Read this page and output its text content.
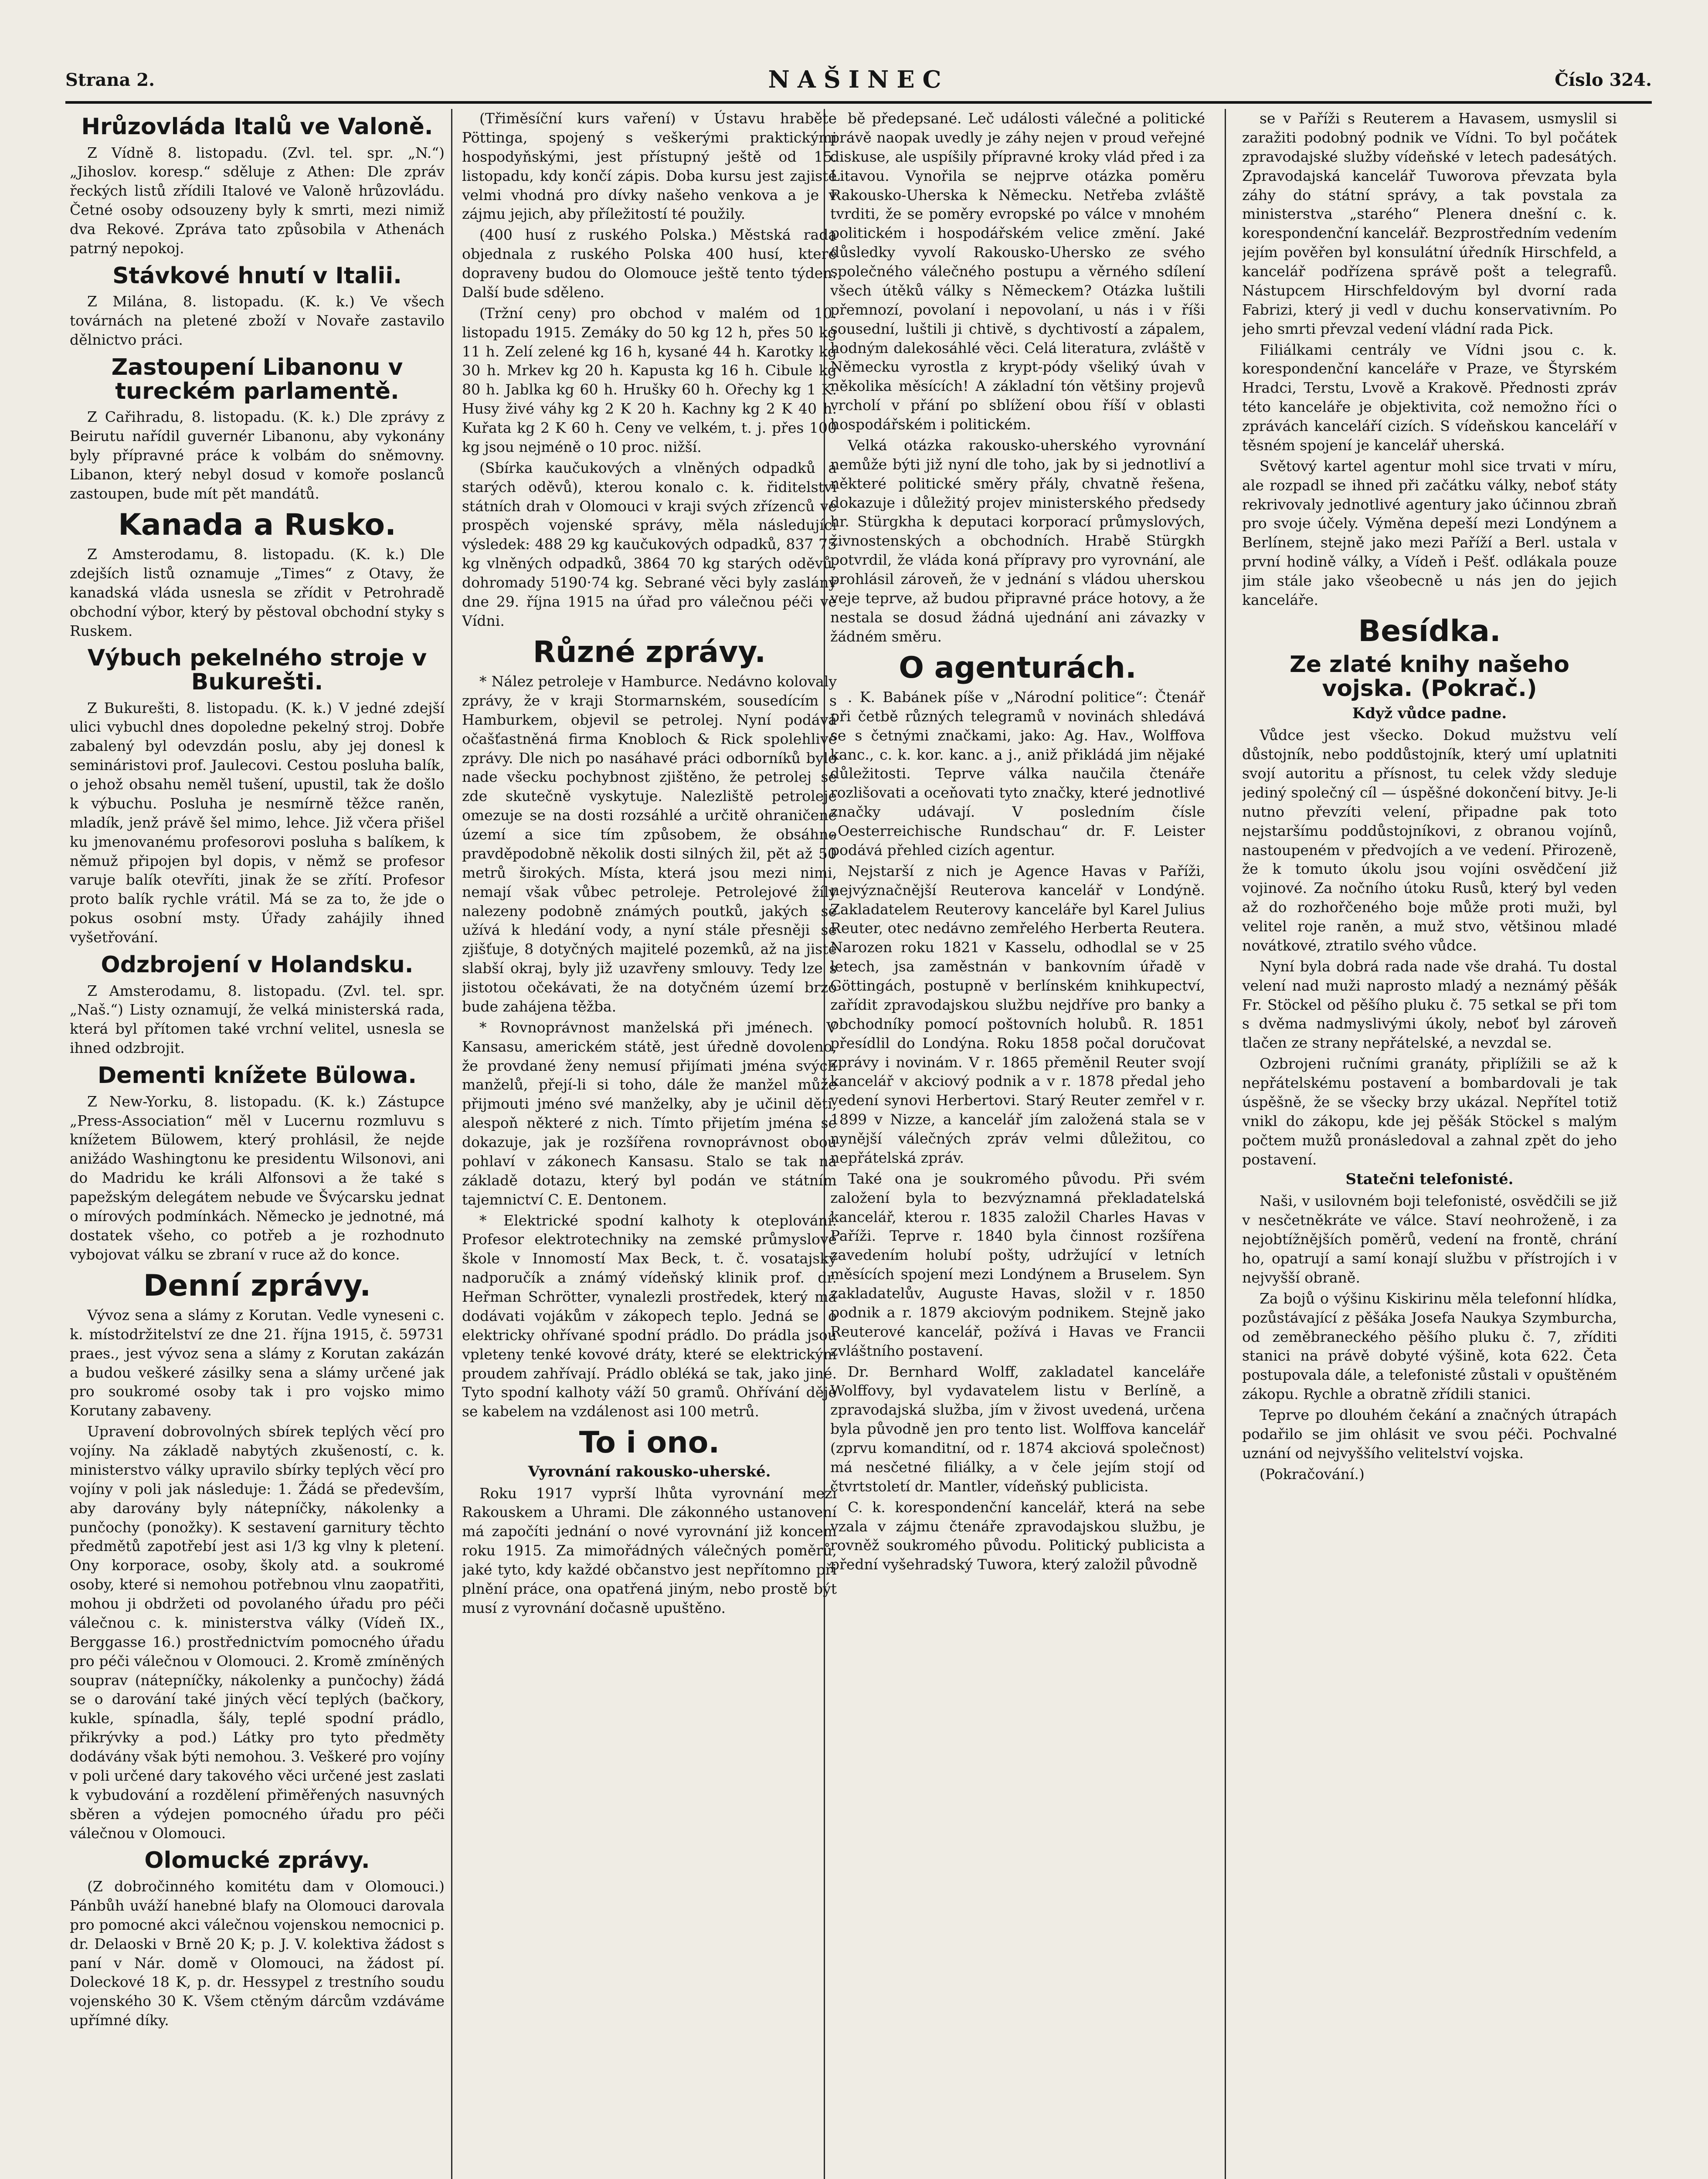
Strana 2.	NAŠINEC	Číslo 324.
Hrůzovláda Italů ve Valoně.

Z Vídně 8. listopadu. (Zvl. tel. spr. „N.“) „Jihoslov. koresp.“ sděluje z Athen: Dle zpráv řeckých listů zřídili Italové ve Valoně hrůzovládu. Četné osoby odsouzeny byly k smrti, mezi nimiž dva Rekové. Zpráva tato způsobila v Athenách patrný nepokoj.

Stávkové hnutí v Italii.

Z Milána, 8. listopadu. (K. k.) Ve všech továrnách na pletené zboží v Novaře zastavilo dělnictvo práci.

Zastoupení Libanonu v tureckém parlamentě.

Z Cařihradu, 8. listopadu. (K. k.) Dle zprávy z Beirutu nařídil guvernér Libanonu, aby vykonány byly přípravné práce k volbám do sněmovny. Libanon, který nebyl dosud v komoře poslanců zastoupen, bude mít pět mandátů.

Kanada a Rusko.

Z Amsterodamu, 8. listopadu. (K. k.) Dle zdejších listů oznamuje „Times“ z Otavy, že kanadská vláda usnesla se zřídit v Petrohradě obchodní výbor, který by pěstoval obchodní styky s Ruskem.

Výbuch pekelného stroje v Bukurešti.

Z Bukurešti, 8. listopadu. (K. k.) V jedné zdejší ulici vybuchl dnes dopoledne pekelný stroj. Dobře zabalený byl odevzdán poslu, aby jej donesl k semináristovi prof. Jaulecovi. Cestou posluha balík, o jehož obsahu neměl tušení, upustil, tak že došlo k výbuchu. Posluha je nesmírně těžce raněn, mladík, jenž právě šel mimo, lehce. Již včera přišel ku jmenovanému profesorovi posluha s balíkem, k němuž připojen byl dopis, v němž se profesor varuje balík otevříti, jinak že se zřítí. Profesor proto balík rychle vrátil. Má se za to, že jde o pokus osobní msty. Úřady zahájily ihned vyšetřování.

Odzbrojení v Holandsku.

Z Amsterodamu, 8. listopadu. (Zvl. tel. spr. „Naš.“) Listy oznamují, že velká ministerská rada, která byl přítomen také vrchní velitel, usnesla se ihned odzbrojit.

Dementi knížete Bülowa.

Z New-Yorku, 8. listopadu. (K. k.) Zástupce „Press-Association“ měl v Lucernu rozmluvu s knížetem Bülowem, který prohlásil, že nejde anižádo Washingtonu ke presidentu Wilsonovi, ani do Madridu ke králi Alfonsovi a že také s papežským delegátem nebude ve Švýcarsku jednat o mírových podmínkách. Německo je jednotné, má dostatek všeho, co potřeb a je rozhodnuto vybojovat válku se zbraní v ruce až do konce.

Denní zprávy.

Vývoz sena a slámy z Korutan. Vedle vyneseni c. k. místodržitelství ze dne 21. října 1915, č. 59731 praes., jest vývoz sena a slámy z Korutan zakázán a budou veškeré zásilky sena a slámy určené jak pro soukromé osoby tak i pro vojsko mimo Korutany zabaveny.

Upravení dobrovolných sbírek teplých věcí pro vojíny. Na základě nabytých zkušeností, c. k. ministerstvo války upravilo sbírky teplých věcí pro vojíny v poli jak následuje: 1. Žádá se především, aby darovány byly nátepníčky, nákolenky a punčochy (ponožky). K sestavení garnitury těchto předmětů zapotřebí jest asi 1/3 kg vlny k pletení. Ony korporace, osoby, školy atd. a soukromé osoby, které si nemohou potřebnou vlnu zaopatřiti, mohou ji obdržeti od povolaného úřadu pro péči válečnou c. k. ministerstva války (Vídeň IX., Berggasse 16.) prostřednictvím pomocného úřadu pro péči válečnou v Olomouci. 2. Kromě zmíněných souprav (nátepníčky, nákolenky a punčochy) žádá se o darování také jiných věcí teplých (bačkory, kukle, spínadla, šály, teplé spodní prádlo, přikrývky a pod.) Látky pro tyto předměty dodávány však býti nemohou. 3. Veškeré pro vojíny v poli určené dary takového věci určené jest zaslati k vybudování a rozdělení přiměřených nasuvných sběren a výdejen pomocného úřadu pro péči válečnou v Olomouci.

Olomucké zprávy.

(Z dobročinného komitétu dam v Olomouci.) Pánbůh uváží hanebné blafy na Olomouci darovala pro pomocné akci válečnou vojenskou nemocnici p. dr. Delaoski v Brně 20 K; p. J. V. kolektiva žádost s paní v Nár. domě v Olomouci, na žádost pí. Doleckové 18 K, p. dr. Hessypel z trestního soudu vojenského 30 K. Všem ctěným dárcům vzdáváme upřímné díky.

(Třiměsíční kurs vaření) v Ústavu hraběte Pöttinga, spojený s veškerými praktickými hospodyňskými, jest přístupný ještě od 15. listopadu, kdy končí zápis. Doba kursu jest zajisté velmi vhodná pro dívky našeho venkova a je v zájmu jejich, aby příležitostí té použily.

(400 husí z ruského Polska.) Městská rada objednala z ruského Polska 400 husí, které dopraveny budou do Olomouce ještě tento týden. Další bude sděleno.

(Tržní ceny) pro obchod v malém od 10. listopadu 1915. Zemáky do 50 kg 12 h, přes 50 kg 11 h. Zelí zelené kg 16 h, kysané 44 h. Karotky kg 30 h. Mrkev kg 20 h. Kapusta kg 16 h. Cibule kg 80 h. Jablka kg 60 h. Hrušky 60 h. Ořechy kg 1 K. Husy živé váhy kg 2 K 20 h. Kachny kg 2 K 40 h. Kuřata kg 2 K 60 h. Ceny ve velkém, t. j. přes 100 kg jsou nejméně o 10 proc. nižší.

(Sbírka kaučukových a vlněných odpadků a starých oděvů), kterou konalo c. k. řiditelství státních drah v Olomouci v kraji svých zřízenců ve prospěch vojenské správy, měla následující výsledek: 488 29 kg kaučukových odpadků, 837 75 kg vlněných odpadků, 3864 70 kg starých oděvů, dohromady 5190·74 kg. Sebrané věci byly zaslány dne 29. října 1915 na úřad pro válečnou péči ve Vídni.

Různé zprávy.

* Nález petroleje v Hamburce. Nedávno kolovaly zprávy, že v kraji Stormarnském, sousedícím s Hamburkem, objevil se petrolej. Nyní podává očašťastněná firma Knobloch & Rick spolehlivé zprávy. Dle nich po nasáhavé práci odborníků bylo nade všecku pochybnost zjištěno, že petrolej se zde skutečně vyskytuje. Nalezliště petroleje omezuje se na dosti rozsáhlé a určitě ohraničené území a sice tím způsobem, že obsáhne pravděpodobně několik dosti silných žil, pět až 50 metrů širokých. Místa, která jsou mezi nimi, nemají však vůbec petroleje. Petrolejové žíly nalezeny podobně známých poutků, jakých se užívá k hledání vody, a nyní stále přesněji se zjišťuje, 8 dotyčných majitelé pozemků, až na jisté slabší okraj, byly již uzavřeny smlouvy. Tedy lze s jistotou očekávati, že na dotyčném území brzo bude zahájena těžba.

* Rovnoprávnost manželská při jménech. V Kansasu, americkém státě, jest úředně dovoleno, že provdané ženy nemusí přijímati jména svých manželů, přejí-li si toho, dále že manžel může přijmouti jméno své manželky, aby je učinil děti, alespoň některé z nich. Tímto přijetím jména se dokazuje, jak je rozšířena rovnoprávnost obou pohlaví v zákonech Kansasu. Stalo se tak na základě dotazu, který byl podán ve státním tajemnictví C. E. Dentonem.

* Elektrické spodní kalhoty k oteplování. Profesor elektrotechniky na zemské průmyslové škole v Innomostí Max Beck, t. č. vosatajský nadporučík a známý vídeňský klinik prof. dr. Heřman Schrötter, vynalezli prostředek, který má dodávati vojákům v zákopech teplo. Jedná se o elektricky ohřívané spodní prádlo. Do prádla jsou vpleteny tenké kovové dráty, které se elektrickým proudem zahřívají. Prádlo obléká se tak, jako jiné. Tyto spodní kalhoty váží 50 gramů. Ohřívání děje se kabelem na vzdálenost asi 100 metrů.

To i ono.
Vyrovnání rakousko-uherské.

Roku 1917 vyprší lhůta vyrovnání mezi Rakouskem a Uhrami. Dle zákonného ustanovení má započíti jednání o nové vyrovnání již koncem roku 1915. Za mimořádných válečných poměrů, jaké tyto, kdy každé občanstvo jest nepřítomno při plnění práce, ona opatřená jiným, nebo prostě být musí z vyrovnání dočasně upuštěno.

bě předepsané. Leč události válečné a politické právě naopak uvedly je záhy nejen v proud veřejné diskuse, ale uspíšily přípravné kroky vlád před i za Litavou. Vynořila se nejprve otázka poměru Rakousko-Uherska k Německu. Netřeba zvláště tvrditi, že se poměry evropské po válce v mnohém politickém i hospodářském velice změní. Jaké důsledky vyvolí Rakousko-Uhersko ze svého společného válečného postupu a věrného sdílení všech útěků války s Německem? Otázka luštili přemnozí, povolaní i nepovolaní, u nás i v říši sousední, luštili ji chtivě, s dychtivostí a zápalem, hodným dalekosáhlé věci. Celá literatura, zvláště v Německu vyrostla z krypt-pódy všeliký úvah v několika měsících! A základní tón většiny projevů vrcholí v přání po sblížení obou říší v oblasti hospodářském i politickém.

Velká otázka rakousko-uherského vyrovnání nemůže býti již nyní dle toho, jak by si jednotliví a některé politické směry přály, chvatně řešena, dokazuje i důležitý projev ministerského předsedy hr. Stürgkha k deputaci korporací průmyslových, živnostenských a obchodních. Hrabě Stürgkh potvrdil, že vláda koná přípravy pro vyrovnání, ale prohlásil zároveň, že v jednání s vládou uherskou veje teprve, až budou připravné práce hotovy, a že nestala se dosud žádná ujednání ani závazky v žádném směru.

O agenturách.

. K. Babánek píše v „Národní politice“: Čtenář při četbě různých telegramů v novinách shledává se s četnými značkami, jako: Ag. Hav., Wolffova kanc., c. k. kor. kanc. a j., aniž přikládá jim nějaké důležitosti. Teprve válka naučila čtenáře rozlišovati a oceňovati tyto značky, které jednotlivé značky udávají. V posledním čísle „Oesterreichische Rundschau“ dr. F. Leister podává přehled cizích agentur.

Nejstarší z nich je Agence Havas v Paříži, nejvýznačnější Reuterova kancelář v Londýně. Zakladatelem Reuterovy kanceláře byl Karel Julius Reuter, otec nedávno zemřelého Herberta Reutera. Narozen roku 1821 v Kasselu, odhodlal se v 25 letech, jsa zaměstnán v bankovním úřadě v Göttingách, postupně v berlínském knihkupectví, zařídit zpravodajskou službu nejdříve pro banky a obchodníky pomocí poštovních holubů. R. 1851 přesídlil do Londýna. Roku 1858 počal doručovat zprávy i novinám. V r. 1865 přeměnil Reuter svojí kancelář v akciový podnik a v r. 1878 předal jeho vedení synovi Herbertovi. Starý Reuter zemřel v r. 1899 v Nizze, a kancelář jím založená stala se v nynější válečných zpráv velmi důležitou, co nepřátelská zpráv.

Také ona je soukromého původu. Při svém založení byla to bezvýznamná překladatelská kancelář, kterou r. 1835 založil Charles Havas v Paříži. Teprve r. 1840 byla činnost rozšířena zavedením holubí pošty, udržující v letních měsících spojení mezi Londýnem a Bruselem. Syn zakladatelův, Auguste Havas, složil v r. 1850 podnik a r. 1879 akciovým podnikem. Stejně jako Reuterové kancelář, požívá i Havas ve Francii zvláštního postavení.

Dr. Bernhard Wolff, zakladatel kanceláře Wolffovy, byl vydavatelem listu v Berlíně, a zpravodajská služba, jím v živost uvedená, určena byla původně jen pro tento list. Wolffova kancelář (zprvu komanditní, od r. 1874 akciová společnost) má nesčetné filiálky, a v čele jejím stojí od čtvrtstoletí dr. Mantler, vídeňský publicista.

C. k. korespondenční kancelář, která na sebe vzala v zájmu čtenáře zpravodajskou službu, je rovněž soukromého původu. Politický publicista a přední vyšehradský Tuwora, který založil původně

se v Paříži s Reuterem a Havasem, usmyslil si zaražiti podobný podnik ve Vídni. To byl počátek zpravodajské služby vídeňské v letech padesátých. Zpravodajská kancelář Tuworova převzata byla záhy do státní správy, a tak povstala za ministerstva „starého“ Plenera dnešní c. k. korespondenční kancelář. Bezprostředním vedením jejím pověřen byl konsulátní úředník Hirschfeld, a kancelář podřízena správě pošt a telegrafů. Nástupcem Hirschfeldovým byl dvorní rada Fabrizi, který ji vedl v duchu konservativním. Po jeho smrti převzal vedení vládní rada Pick.

Filiálkami centrály ve Vídni jsou c. k. korespondenční kanceláře v Praze, ve Štyrském Hradci, Terstu, Lvově a Krakově. Přednosti zpráv této kanceláře je objektivita, což nemožno říci o zprávách kanceláří cizích. S vídeňskou kanceláří v těsném spojení je kancelář uherská.

Světový kartel agentur mohl sice trvati v míru, ale rozpadl se ihned při začátku války, neboť státy rekrivovaly jednotlivé agentury jako účinnou zbraň pro svoje účely. Výměna depeší mezi Londýnem a Berlínem, stejně jako mezi Paříží a Berl. ustala v první hodině války, a Vídeň i Pešť. odlákala pouze jim stále jako všeobecně u nás jen do jejich kanceláře.

Besídka.
Ze zlaté knihy našeho vojska. (Pokrač.)
Když vůdce padne.

Vůdce jest všecko. Dokud mužstvu velí důstojník, nebo poddůstojník, který umí uplatniti svojí autoritu a přísnost, tu celek vždy sleduje jediný společný cíl — úspěšné dokončení bitvy. Je-li nutno převzíti velení, připadne pak toto nejstaršímu poddůstojníkovi, z obranou vojínů, nastoupeném v předvojích a ve vedení. Přirozeně, že k tomuto úkolu jsou vojíni osvědčení již vojinové. Za nočního útoku Rusů, který byl veden až do rozhořčeného boje může proti muži, byl velitel roje raněn, a muž stvo, většinou mladé novátkové, ztratilo svého vůdce.

Nyní byla dobrá rada nade vše drahá. Tu dostal velení nad muži naprosto mladý a neznámý pěšák Fr. Stöckel od pěšího pluku č. 75 setkal se při tom s dvěma nadmyslivými úkoly, neboť byl zároveň tlačen ze strany nepřátelské, a nevzdal se.

Ozbrojeni ručními granáty, připlížili se až k nepřátelskému postavení a bombardovali je tak úspěšně, že se všecky brzy ukázal. Nepřítel totiž vnikl do zákopu, kde jej pěšák Stöckel s malým počtem mužů pronásledoval a zahnal zpět do jeho postavení.

Statečni telefonisté.

Naši, v usilovném boji telefonisté, osvědčili se již v nesčetněkráte ve válce. Staví neohroženě, i za nejobtížnějších poměrů, vedení na frontě, chrání ho, opatrují a samí konají službu v přístrojích i v nejvyšší obraně.

Za bojů o výšinu Kiskirinu měla telefonní hlídka, pozůstávající z pěšáka Josefa Naukyа Szymburcha, od zeměbraneckého pěšího pluku č. 7, zříditi stanici na právě dobyté výšině, kota 622. Četa postupovala dále, a telefonisté zůstali v opuštěném zákopu. Rychle a obratně zřídili stanici.

Teprve po dlouhém čekání a značných útrapách podařilo se jim ohlásit ve svou péči. Pochvalné uznání od nejvyššího velitelství vojska.

(Pokračování.)
